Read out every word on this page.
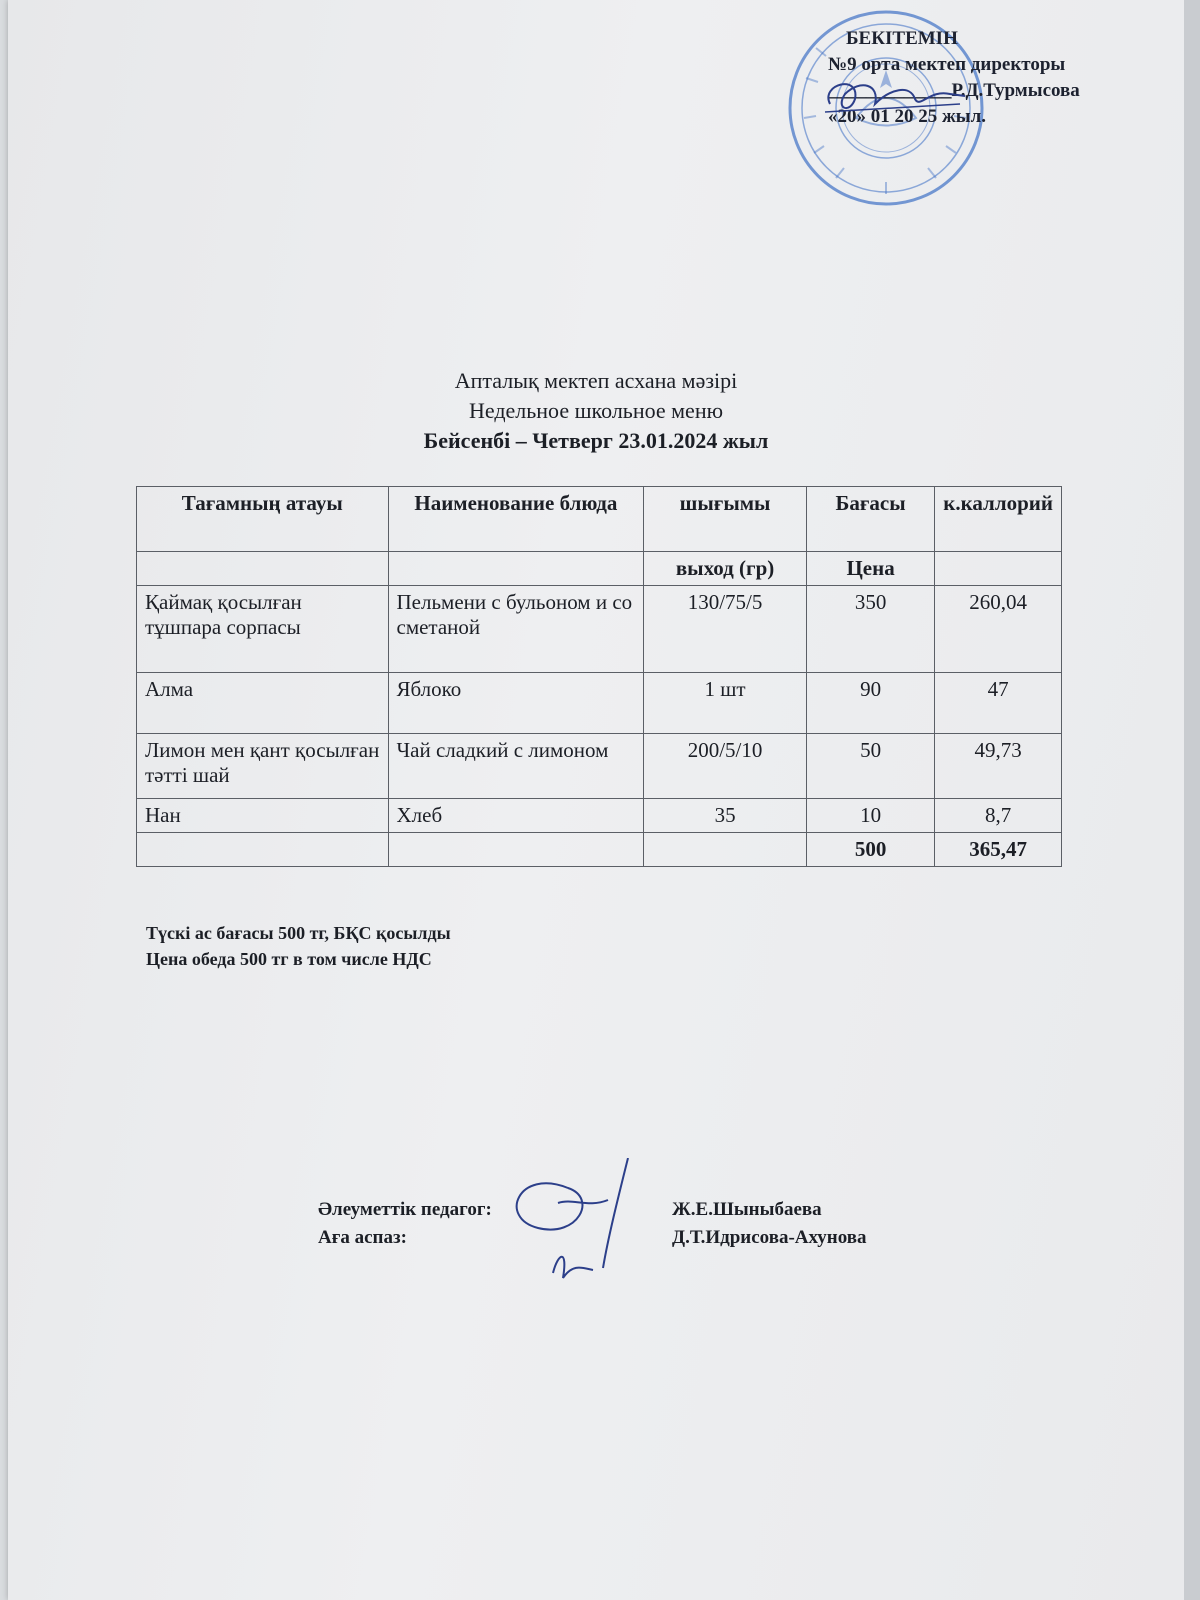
БЕКІТЕМІН
№9 орта мектеп директоры
_____________Р.Д.Турмысова
«20» 01 20 25 жыл.
Апталық мектеп асхана мәзірі
Недельное школьное меню
Бейсенбі – Четверг 23.01.2024 жыл
Тағамның атауы	Наименование блюда	шығымы	Бағасы	к.каллорий
		выход (гр)	Цена	
Қаймақ қосылған тұшпара сорпасы	Пельмени с бульоном и со сметаной	130/75/5	350	260,04
Алма	Яблоко	1 шт	90	47
Лимон мен қант қосылған тәтті шай	Чай сладкий с лимоном	200/5/10	50	49,73
Нан	Хлеб	35	10	8,7
			500	365,47
Түскі ас бағасы 500 тг, БҚС қосылды
Цена обеда 500 тг в том числе НДС
Әлеуметтік педагог:	Ж.Е.Шыныбаева
Аға аспаз:	Д.Т.Идрисова-Ахунова
